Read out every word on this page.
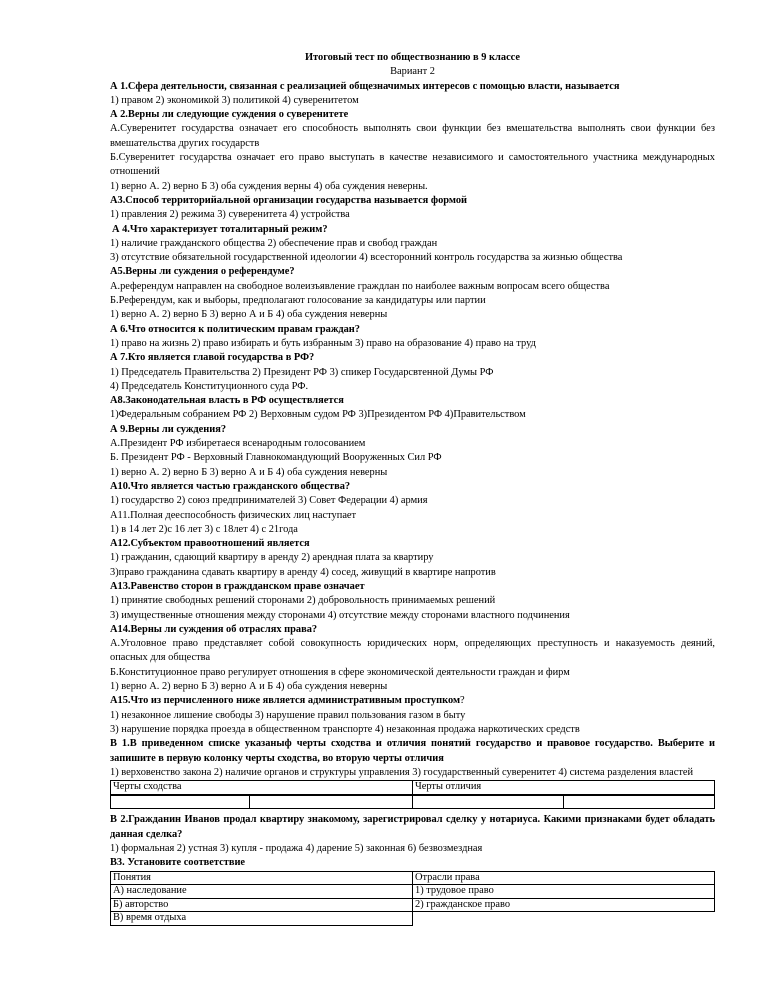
Итоговый тест по обществознанию в 9 классе

Вариант 2

А 1.Сфера деятельности, связанная с реализацией общезначимых интересов с помощью власти, называется

1) правом 2) экономикой 3) политикой 4) суверенитетом

А 2.Верны ли следующие суждения о суверенитете

А.Суверенитет государства означает его способность выполнять свои функции без вмешательства выполнять свои функции без вмешательства других государств

Б.Суверенитет государства означает его право выступать в качестве независимого и самостоятельного участника международных отношений

1) верно А. 2) верно Б 3) оба суждения верны 4) оба суждения неверны.

А3.Способ территорийальной организации государства называется формой

1) правления 2) режима 3) суверенитета 4) устройства

А 4.Что характеризует тоталитарный режим?

1) наличие гражданского общества 2) обеспечение прав и свобод граждан

3) отсутствие обязательной государственной идеологии 4) всесторонний контроль государства за жизнью общества

А5.Верны ли суждения о референдуме?

А.референдум направлен на свободное волеизъявление граждлан по наиболее важным вопросам всего общества

Б.Референдум, как и выборы, предполагают голосование за кандидатуры или партии

1) верно А. 2) верно Б 3) верно А и Б 4) оба суждения неверны

А 6.Что относится к политическим правам граждан?

1) право на жизнь 2) право избирать и буть избранным 3) право на образование 4) право на труд

А 7.Кто является главой государства в РФ?

1) Председатель Правительства 2) Президент РФ 3) спикер Государсвтенной Думы РФ

4) Председатель Конституционного суда РФ.

А8.Законодательная власть в РФ осуществляется

1)Федеральным собранием РФ 2) Верховным судом РФ 3)Президентом РФ 4)Правительством

А 9.Верны ли суждения?

А.Президент РФ избиретаеся всенародным голосованием

Б. Президент РФ - Верховный Главнокомандующий Вооруженных Сил РФ

1) верно А. 2) верно Б 3) верно А и Б 4) оба суждения неверны

А10.Что является частью гражданского общества?

1) государство 2) союз предпринимателей 3) Совет Федерации 4) армия

А11.Полная дееспособность физических лиц наступает

1) в 14 лет 2)с 16 лет 3) с 18лет 4) с 21года

А12.Субъектом правоотношений является

1) гражданин, сдающий квартиру в аренду 2) арендная плата за квартиру

3)право гражданина сдавать квартиру в аренду 4) сосед, живущий в квартире напротив

А13.Равенство сторон в граждданском праве означает

1) принятие свободных решений сторонами 2) добровольность принимаемых решений

3) имущественные отношения между сторонами 4) отсутствие между сторонами властного подчинения

А14.Верны ли суждения об отраслях права?

А.Уголовное право представляет собой совокупность юридических норм, определяющих преступность и наказуемость деяний, опасных для общества

Б.Конституционное право регулирует отношения в сфере экономической деятельности граждан и фирм

1) верно А. 2) верно Б 3) верно А и Б 4) оба суждения неверны

А15.Что из перчисленного ниже является административным проступком?

1) незаконное лишение свободы 3) нарушение правил пользования газом в быту

3) нарушение порядка проезда в общественном транспорте 4) незаконная продажа наркотических средств

В 1.В приведенном списке указаныф черты сходства и отличия понятий государство и правовое государство. Выберите и запишите в первую колонку черты сходства, во вторую черты отличия

1) верховенство закона 2) наличие органов и структуры управления 3) государственный суверенитет 4) система разделения властей

Черты сходства	Черты отличия

В 2.Гражданин Иванов продал квартиру знакомому, зарегистрировал сделку у нотариуса. Какими признаками будет обладать данная сделка?

1) формальная 2) устная 3) купля - продажа 4) дарение 5) законная 6) безвозмездная

В3. Установите соответствие

Понятия	Отрасли права
А) наследование	1) трудовое право
Б) авторство	2) гражданское право
В) время отдыха	
